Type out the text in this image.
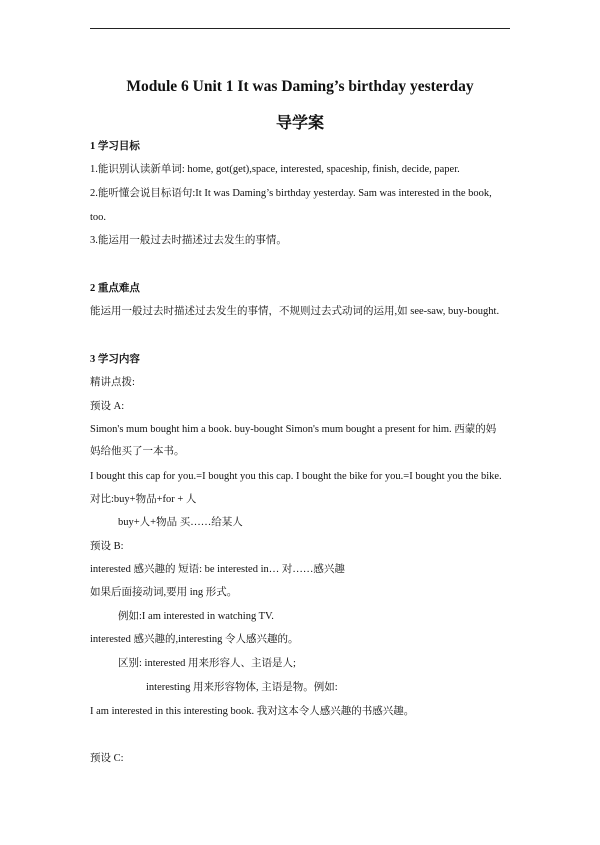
Module 6 Unit 1 It was Daming’s birthday yesterday
导学案
1 学习目标
1.能识别认读新单词: home, got(get),space, interested, spaceship, finish, decide, paper.
2.能听懂会说目标语句:It It was Daming’s birthday yesterday. Sam was interested in the book,
too.
3.能运用一般过去时描述过去发生的事情。
2 重点难点
能运用一般过去时描述过去发生的事情，不规则过去式动词的运用,如 see-saw, buy-bought.
3 学习内容
精讲点拨:
预设 A:
Simon's mum bought him a book. buy-bought Simon's mum bought a present for him. 西蒙的妈
妈给他买了一本书。
I bought this cap for you.=I bought you this cap. I bought the bike for you.=I bought you the bike.
对比:buy+物品+for + 人
buy+人+物品 买……给某人
预设 B:
interested 感兴趣的 短语: be interested in… 对……感兴趣
如果后面接动词,要用 ing 形式。
例如:I am interested in watching TV.
interested 感兴趣的,interesting 令人感兴趣的。
区别: interested 用来形容人、主语是人;
interesting 用来形容物体, 主语是物。例如:
I am interested in this interesting book. 我对这本令人感兴趣的书感兴趣。
预设 C:
